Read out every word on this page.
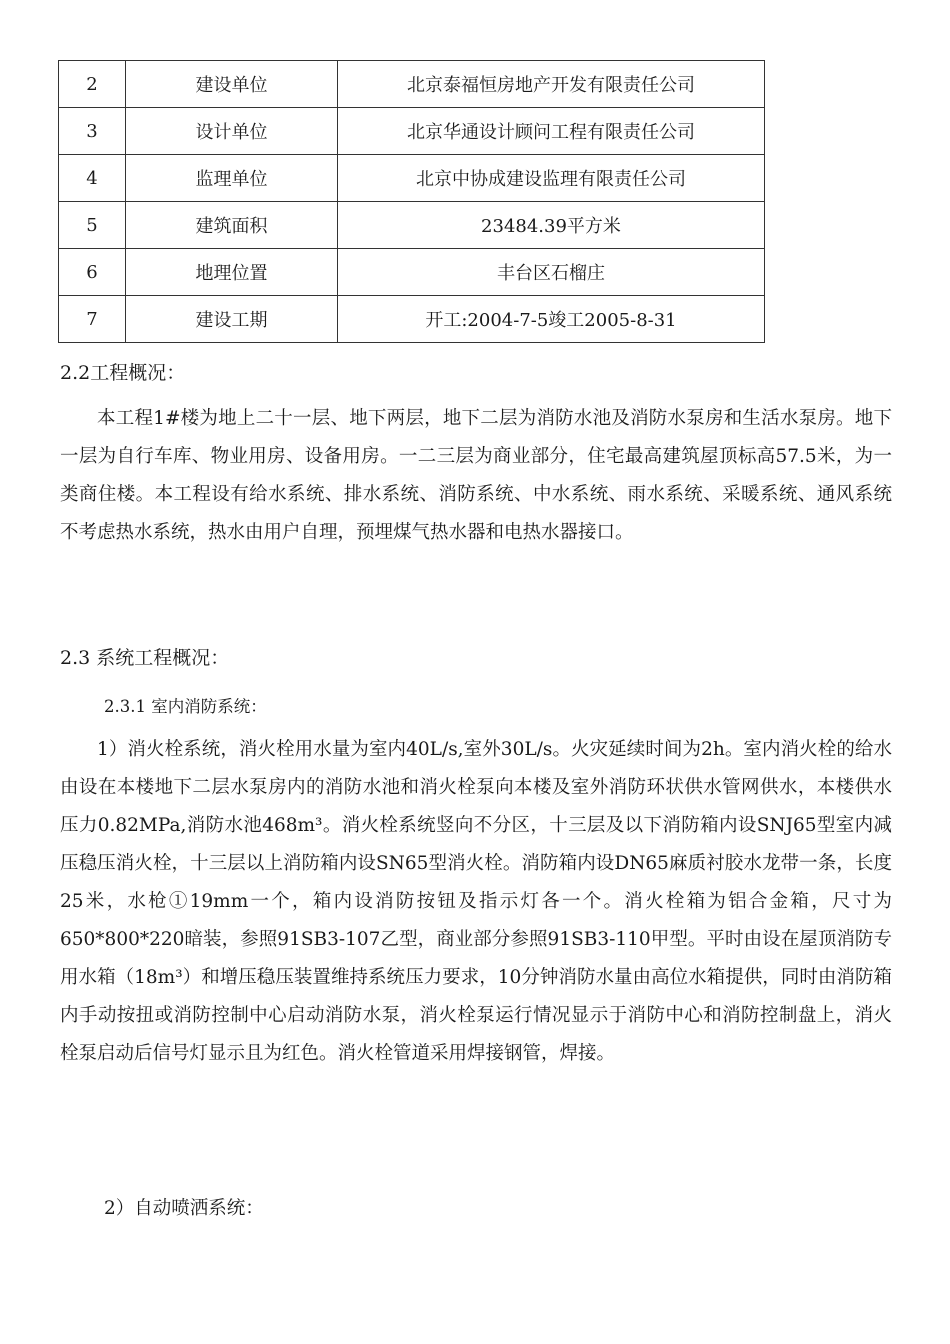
2	建设单位	北京泰福恒房地产开发有限责任公司
3	设计单位	北京华通设计顾问工程有限责任公司
4	监理单位	北京中协成建设监理有限责任公司
5	建筑面积	23484.39平方米
6	地理位置	丰台区石榴庄
7	建设工期	开工:2004-7-5竣工2005-8-31
2.2工程概况：
本工程1#楼为地上二十一层、地下两层，地下二层为消防水池及消防水泵房和生活水泵房。地下一层为自行车库、物业用房、设备用房。一二三层为商业部分，住宅最高建筑屋顶标高57.5米，为一类商住楼。本工程设有给水系统、排水系统、消防系统、中水系统、雨水系统、采暖系统、通风系统不考虑热水系统，热水由用户自理，预埋煤气热水器和电热水器接口。
2.3 系统工程概况：
2.3.1 室内消防系统：
1）消火栓系统，消火栓用水量为室内40L/s,室外30L/s。火灾延续时间为2h。室内消火栓的给水由设在本楼地下二层水泵房内的消防水池和消火栓泵向本楼及室外消防环状供水管网供水，本楼供水压力0.82MPa,消防水池468m³。消火栓系统竖向不分区，十三层及以下消防箱内设SNJ65型室内减压稳压消火栓，十三层以上消防箱内设SN65型消火栓。消防箱内设DN65麻质衬胶水龙带一条，长度25米，水枪①19mm一个，箱内设消防按钮及指示灯各一个。消火栓箱为铝合金箱，尺寸为650*800*220暗装，参照91SB3-107乙型，商业部分参照91SB3-110甲型。平时由设在屋顶消防专用水箱（18m³）和增压稳压装置维持系统压力要求，10分钟消防水量由高位水箱提供，同时由消防箱内手动按扭或消防控制中心启动消防水泵，消火栓泵运行情况显示于消防中心和消防控制盘上，消火栓泵启动后信号灯显示且为红色。消火栓管道采用焊接钢管，焊接。
2）自动喷洒系统：
